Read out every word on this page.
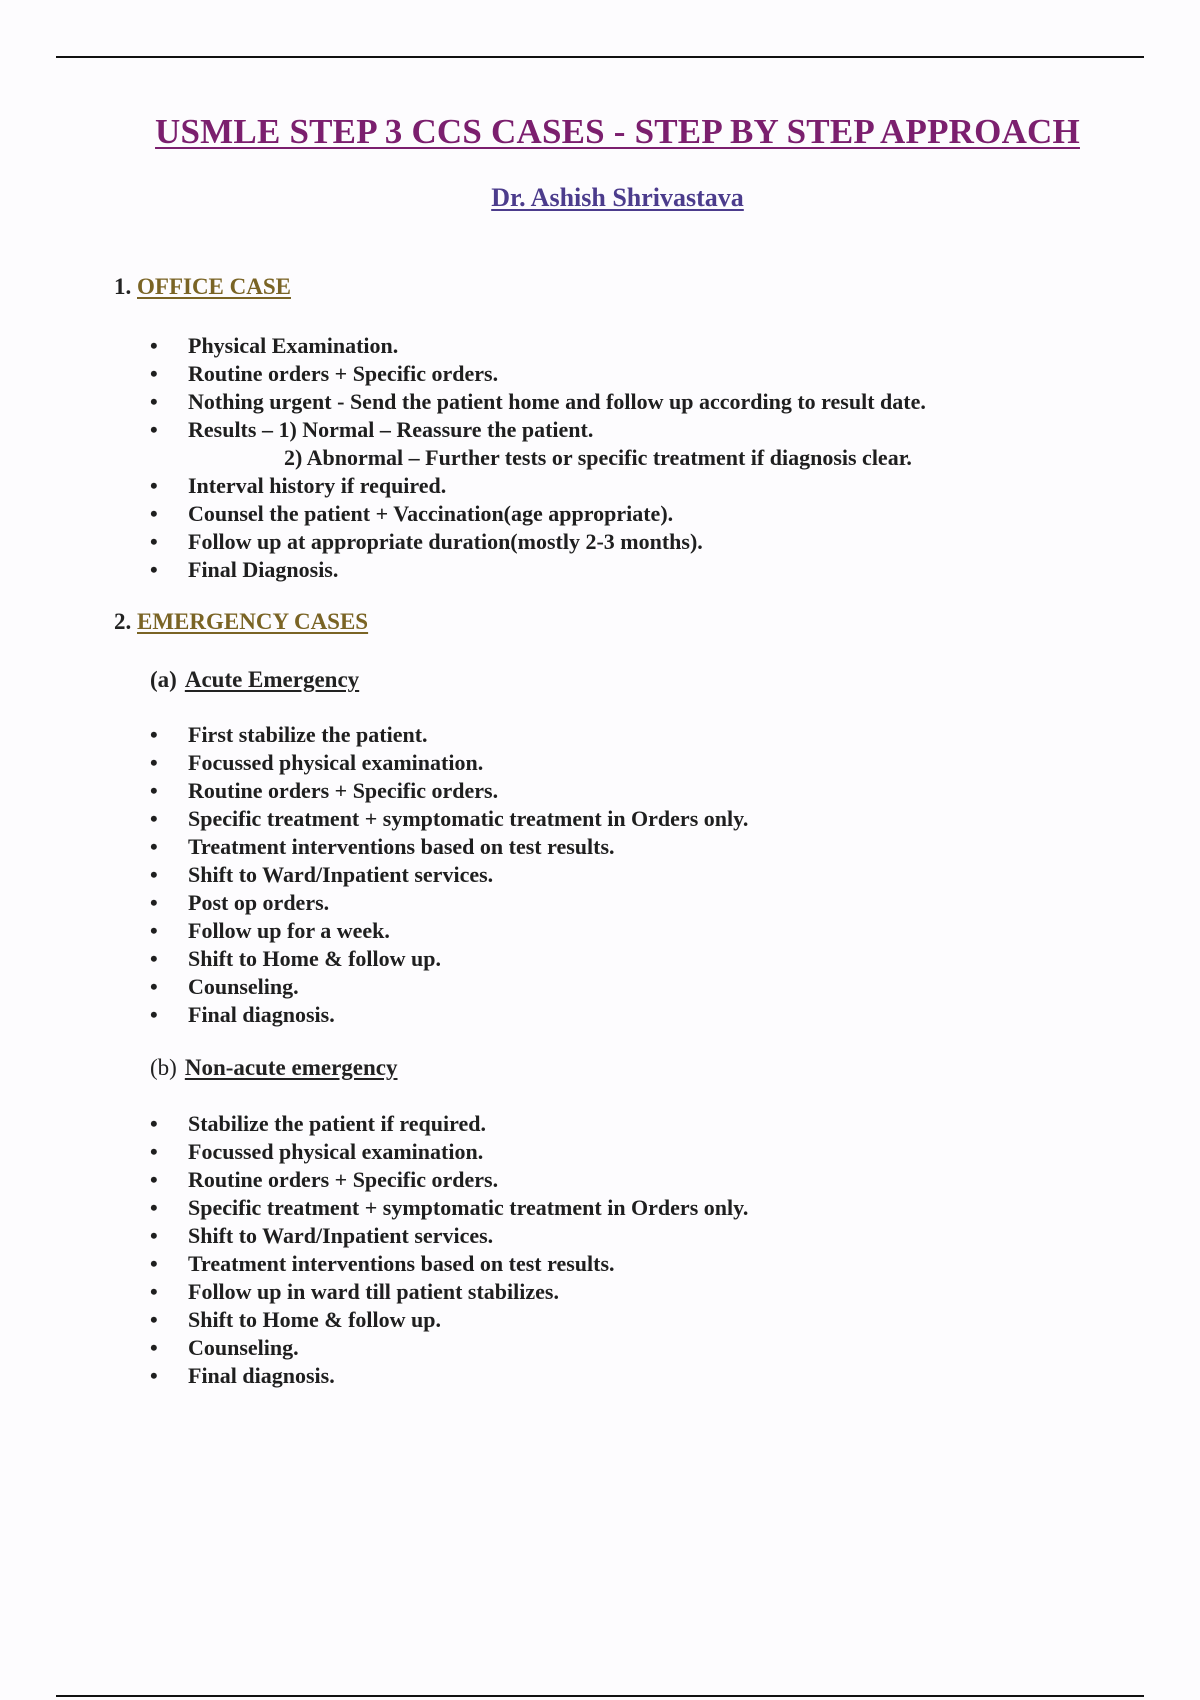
USMLE STEP 3 CCS CASES - STEP BY STEP APPROACH
Dr. Ashish Shrivastava
1. OFFICE CASE
• Physical Examination.
• Routine orders + Specific orders.
• Nothing urgent - Send the patient home and follow up according to result date.
• Results – 1) Normal – Reassure the patient.
2) Abnormal – Further tests or specific treatment if diagnosis clear.
• Interval history if required.
• Counsel the patient + Vaccination(age appropriate).
• Follow up at appropriate duration(mostly 2-3 months).
• Final Diagnosis.
2. EMERGENCY CASES
(a) Acute Emergency
• First stabilize the patient.
• Focussed physical examination.
• Routine orders + Specific orders.
• Specific treatment + symptomatic treatment in Orders only.
• Treatment interventions based on test results.
• Shift to Ward/Inpatient services.
• Post op orders.
• Follow up for a week.
• Shift to Home & follow up.
• Counseling.
• Final diagnosis.
(b) Non-acute emergency
• Stabilize the patient if required.
• Focussed physical examination.
• Routine orders + Specific orders.
• Specific treatment + symptomatic treatment in Orders only.
• Shift to Ward/Inpatient services.
• Treatment interventions based on test results.
• Follow up in ward till patient stabilizes.
• Shift to Home & follow up.
• Counseling.
• Final diagnosis.
